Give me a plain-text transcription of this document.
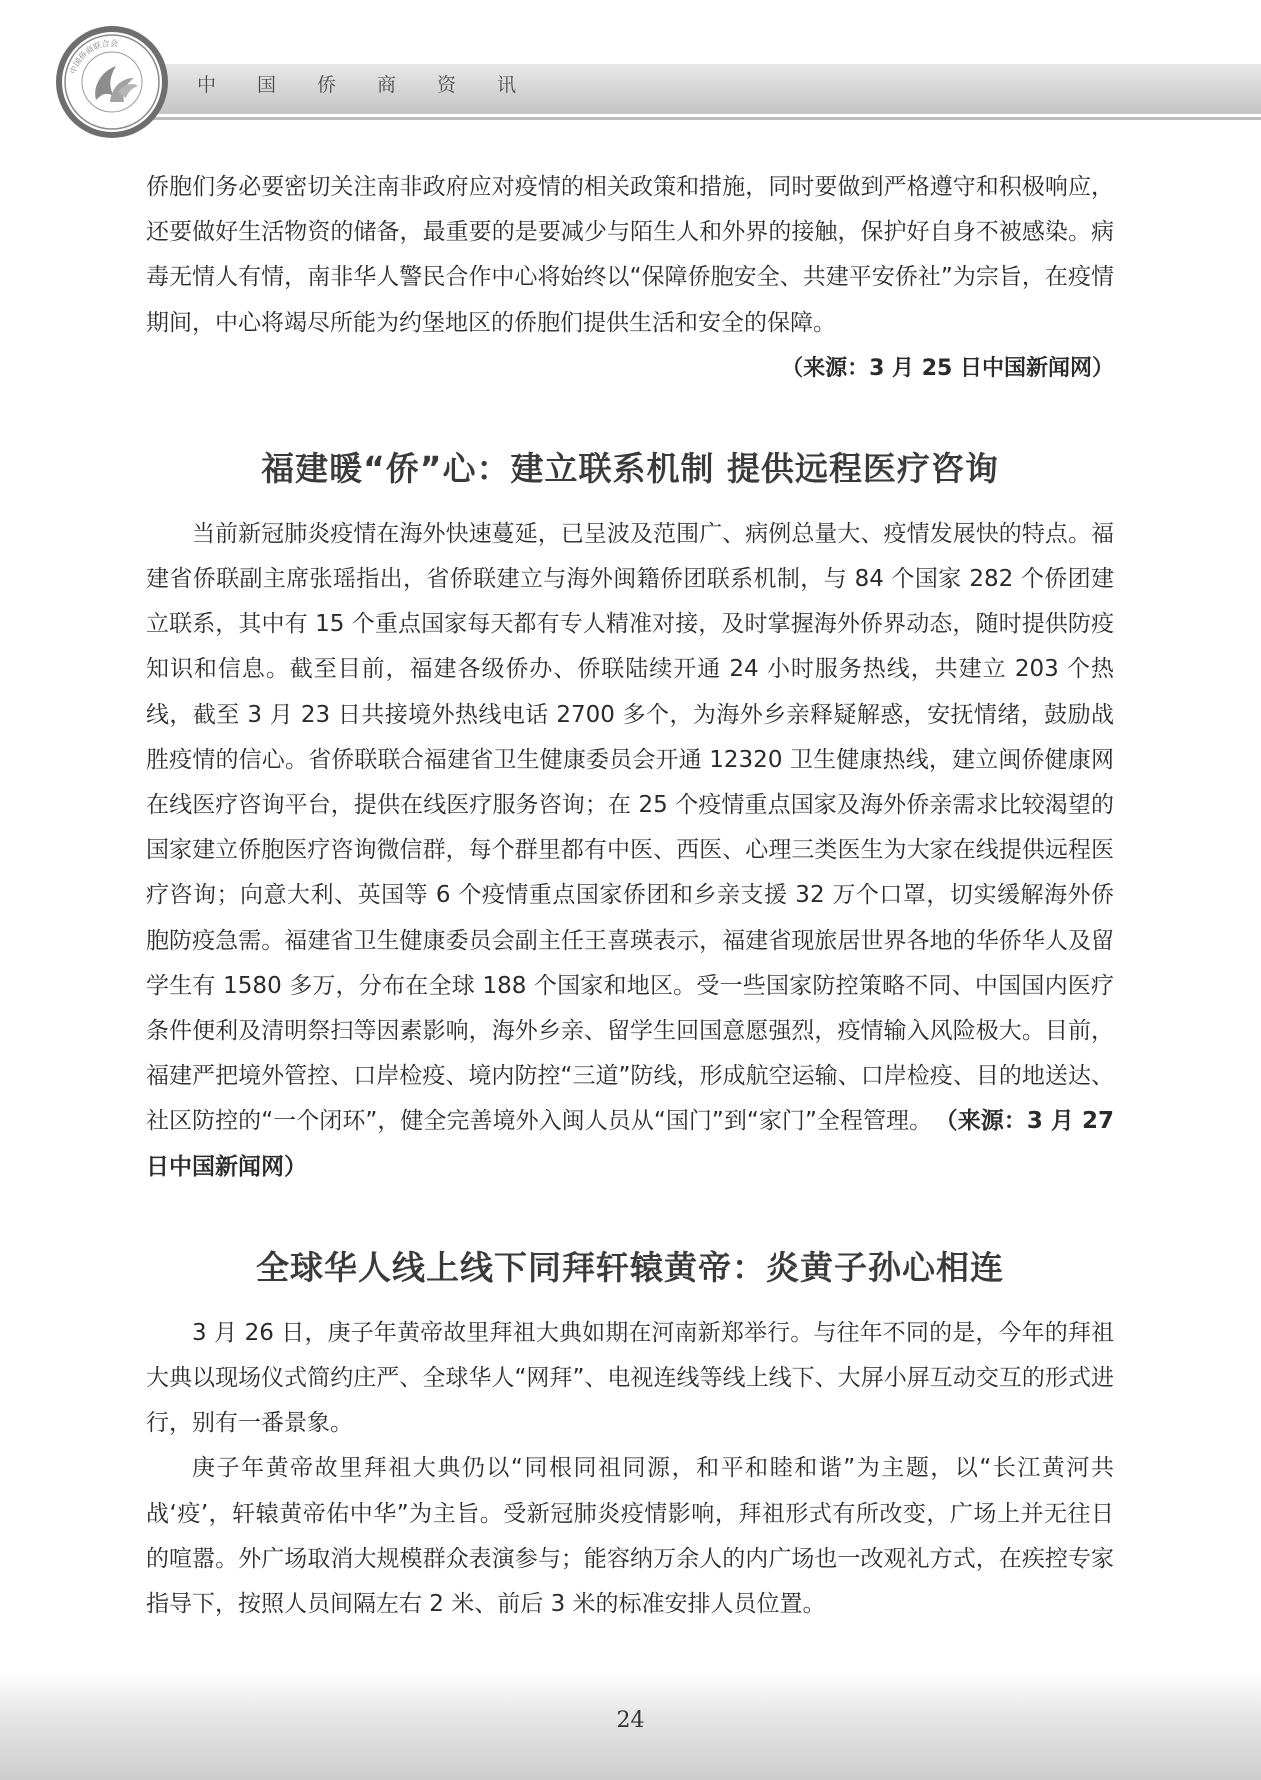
中国侨商资讯
中国侨商联合会

侨胞们务必要密切关注南非政府应对疫情的相关政策和措施，同时要做到严格遵守和积极响应，还要做好生活物资的储备，最重要的是要减少与陌生人和外界的接触，保护好自身不被感染。病毒无情人有情，南非华人警民合作中心将始终以“保障侨胞安全、共建平安侨社”为宗旨，在疫情期间，中心将竭尽所能为约堡地区的侨胞们提供生活和安全的保障。

（来源：3 月 25 日中国新闻网）

福建暖“侨”心：建立联系机制 提供远程医疗咨询

当前新冠肺炎疫情在海外快速蔓延，已呈波及范围广、病例总量大、疫情发展快的特点。福建省侨联副主席张瑶指出，省侨联建立与海外闽籍侨团联系机制，与 84 个国家 282 个侨团建立联系，其中有 15 个重点国家每天都有专人精准对接，及时掌握海外侨界动态，随时提供防疫知识和信息。截至目前，福建各级侨办、侨联陆续开通 24 小时服务热线，共建立 203 个热线，截至 3 月 23 日共接境外热线电话 2700 多个，为海外乡亲释疑解惑，安抚情绪，鼓励战胜疫情的信心。省侨联联合福建省卫生健康委员会开通 12320 卫生健康热线，建立闽侨健康网在线医疗咨询平台，提供在线医疗服务咨询；在 25 个疫情重点国家及海外侨亲需求比较渴望的国家建立侨胞医疗咨询微信群，每个群里都有中医、西医、心理三类医生为大家在线提供远程医疗咨询；向意大利、英国等 6 个疫情重点国家侨团和乡亲支援 32 万个口罩，切实缓解海外侨胞防疫急需。福建省卫生健康委员会副主任王喜瑛表示，福建省现旅居世界各地的华侨华人及留学生有 1580 多万，分布在全球 188 个国家和地区。受一些国家防控策略不同、中国国内医疗条件便利及清明祭扫等因素影响，海外乡亲、留学生回国意愿强烈，疫情输入风险极大。目前，福建严把境外管控、口岸检疫、境内防控“三道”防线，形成航空运输、口岸检疫、目的地送达、社区防控的“一个闭环”，健全完善境外入闽人员从“国门”到“家门”全程管理。 （来源：3 月 27 日中国新闻网）

全球华人线上线下同拜轩辕黄帝：炎黄子孙心相连

3 月 26 日，庚子年黄帝故里拜祖大典如期在河南新郑举行。与往年不同的是，今年的拜祖大典以现场仪式简约庄严、全球华人“网拜”、电视连线等线上线下、大屏小屏互动交互的形式进行，别有一番景象。

庚子年黄帝故里拜祖大典仍以“同根同祖同源，和平和睦和谐”为主题，以“长江黄河共战‘疫’，轩辕黄帝佑中华”为主旨。受新冠肺炎疫情影响，拜祖形式有所改变，广场上并无往日的喧嚣。外广场取消大规模群众表演参与；能容纳万余人的内广场也一改观礼方式，在疾控专家指导下，按照人员间隔左右 2 米、前后 3 米的标准安排人员位置。

24
